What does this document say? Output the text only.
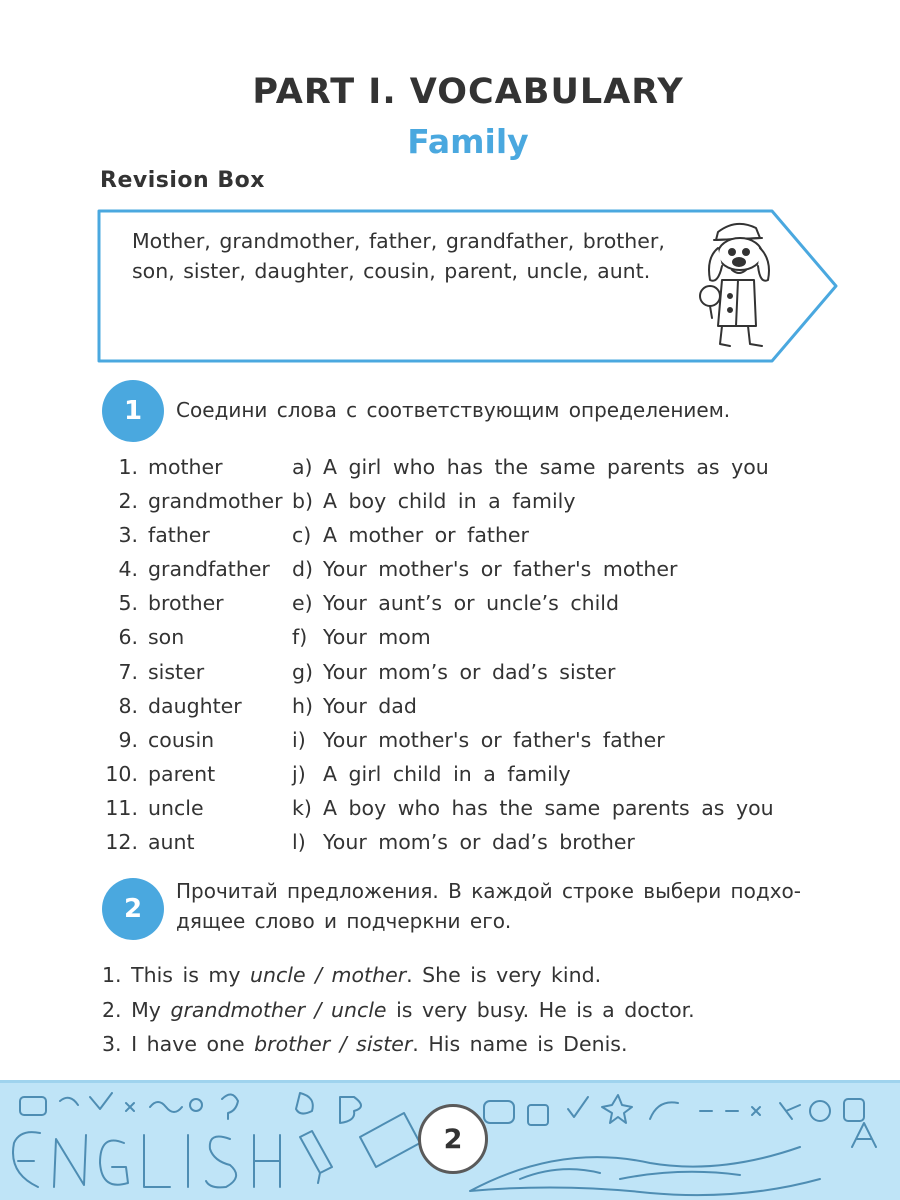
PART I. VOCABULARY
Family
Revision Box
Mother, grandmother, father, grandfather, brother, son, sister, daughter, cousin, parent, uncle, aunt.
1	Соедини слова с соответствующим определением.
1. mother	a) A girl who has the same parents as you
2. grandmother b) A boy child in a family
3. father	c) A mother or father
4. grandfather d) Your mother's or father's mother
5. brother	e) Your aunt’s or uncle’s child
6. son	f) Your mom
7. sister	g) Your mom’s or dad’s sister
8. daughter h) Your dad
9. cousin	i) Your mother's or father's father
10. parent	j) A girl child in a family
11. uncle	k) A boy who has the same parents as you
12. aunt	l) Your mom’s or dad’s brother
2
Прочитай предложения. В каждой строке выбери подхо-
дящее слово и подчеркни его.
1. This is my uncle / mother. She is very kind.
2. My grandmother / uncle is very busy. He is a doctor.
3. I have one brother / sister. His name is Denis.
2
